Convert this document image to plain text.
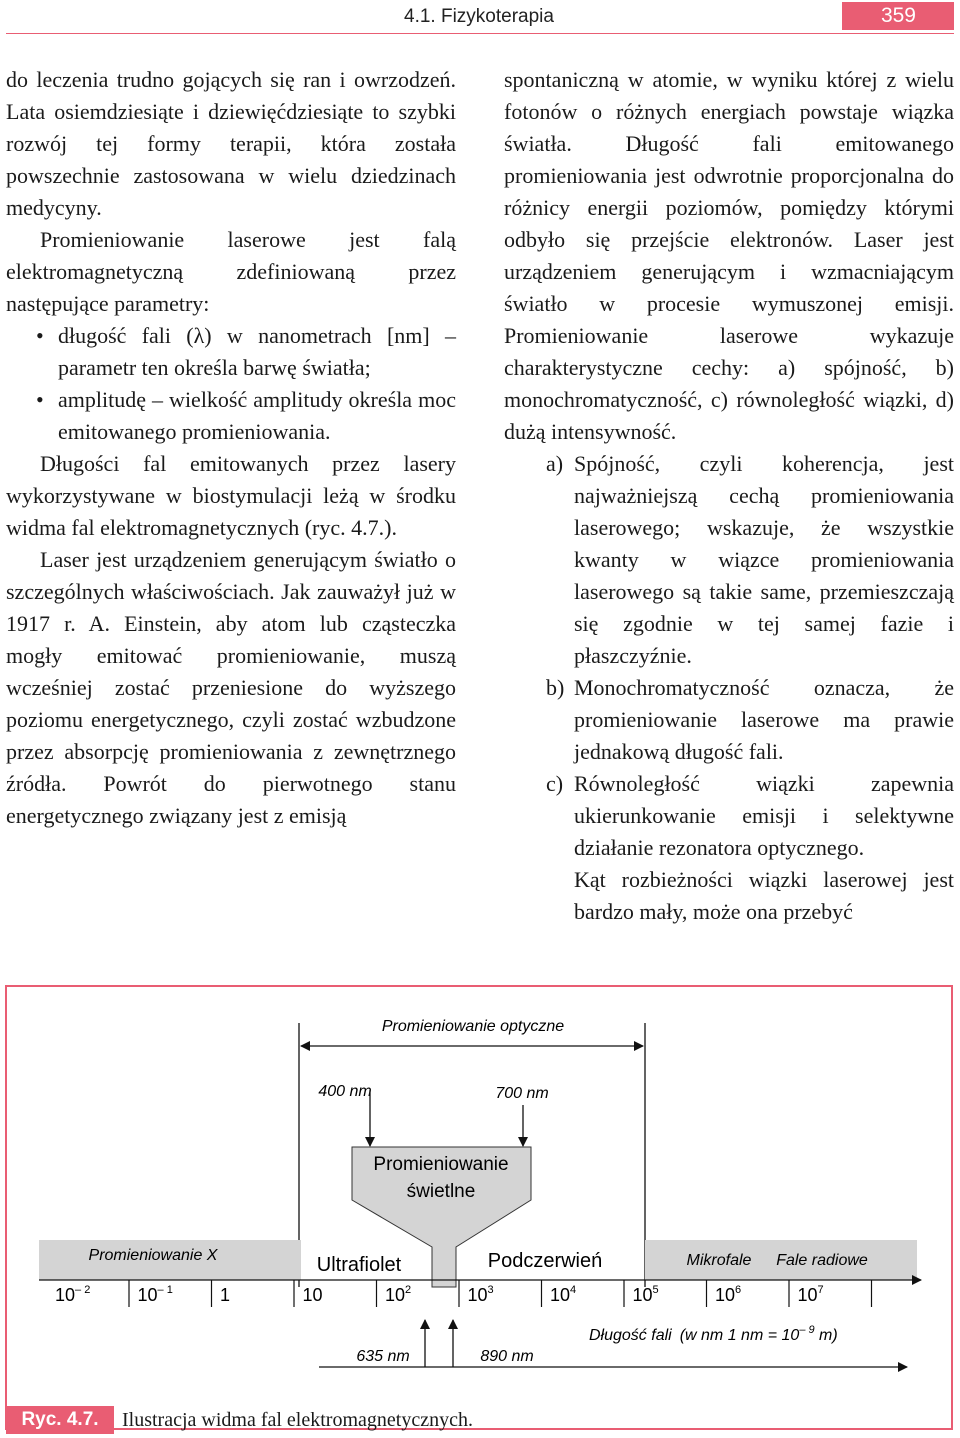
4.1. Fizykoterapia	359

do leczenia trudno gojących się ran i owrzodzeń. Lata osiemdziesiąte i dziewięćdziesiąte to szybki rozwój tej formy terapii, która została powszechnie zastosowana w wielu dziedzinach medycyny.

Promieniowanie laserowe jest falą elektromagnetyczną zdefiniowaną przez następujące parametry:

• długość fali (λ) w nanometrach [nm] – parametr ten określa barwę światła;
• amplitudę – wielkość amplitudy określa moc emitowanego promieniowania.

Długości fal emitowanych przez lasery wykorzystywane w biostymulacji leżą w środku widma fal elektromagnetycznych (ryc. 4.7.).

Laser jest urządzeniem generującym światło o szczególnych właściwościach. Jak zauważył już w 1917 r. A. Einstein, aby atom lub cząsteczka mogły emitować promieniowanie, muszą wcześniej zostać przeniesione do wyższego poziomu energetycznego, czyli zostać wzbudzone przez absorpcję promieniowania z zewnętrznego źródła. Powrót do pierwotnego stanu energetycznego związany jest z emisją

spontaniczną w atomie, w wyniku której z wielu fotonów o różnych energiach powstaje wiązka światła. Długość fali emitowanego promieniowania jest odwrotnie proporcjonalna do różnicy energii poziomów, pomiędzy którymi odbyło się przejście elektronów. Laser jest urządzeniem generującym i wzmacniającym światło w procesie wymuszonej emisji. Promieniowanie laserowe wykazuje charakterystyczne cechy: a) spójność, b) monochromatyczność, c) równoległość wiązki, d) dużą intensywność.

a) Spójność, czyli koherencja, jest najważniejszą cechą promieniowania laserowego; wskazuje, że wszystkie kwanty w wiązce promieniowania laserowego są takie same, przemieszczają się zgodnie w tej samej fazie i płaszczyźnie.

b) Monochromatyczność oznacza, że promieniowanie laserowe ma prawie jednakową długość fali.

c) Równoległość wiązki zapewnia ukierunkowanie emisji i selektywne działanie rezonatora optycznego.

Kąt rozbieżności wiązki laserowej jest bardzo mały, może ona przebyć

Promieniowanie optyczne
400 nm	700 nm
Promieniowanie
świetlne
Promieniowanie X	Ultrafiolet	Podczerwień	Mikrofale Fale radiowe
$10^{- 2}$	$10^{- 1}$	1	10	$10^2$	$10^3$	$10^4$	$10^5$	$10^6$	$10^7$
Długość fali (w nm 1 nm = $10^{- 9}$ m)
635 nm	890 nm
Ryc. 4.7.	Ilustracja widma fal elektromagnetycznych.
